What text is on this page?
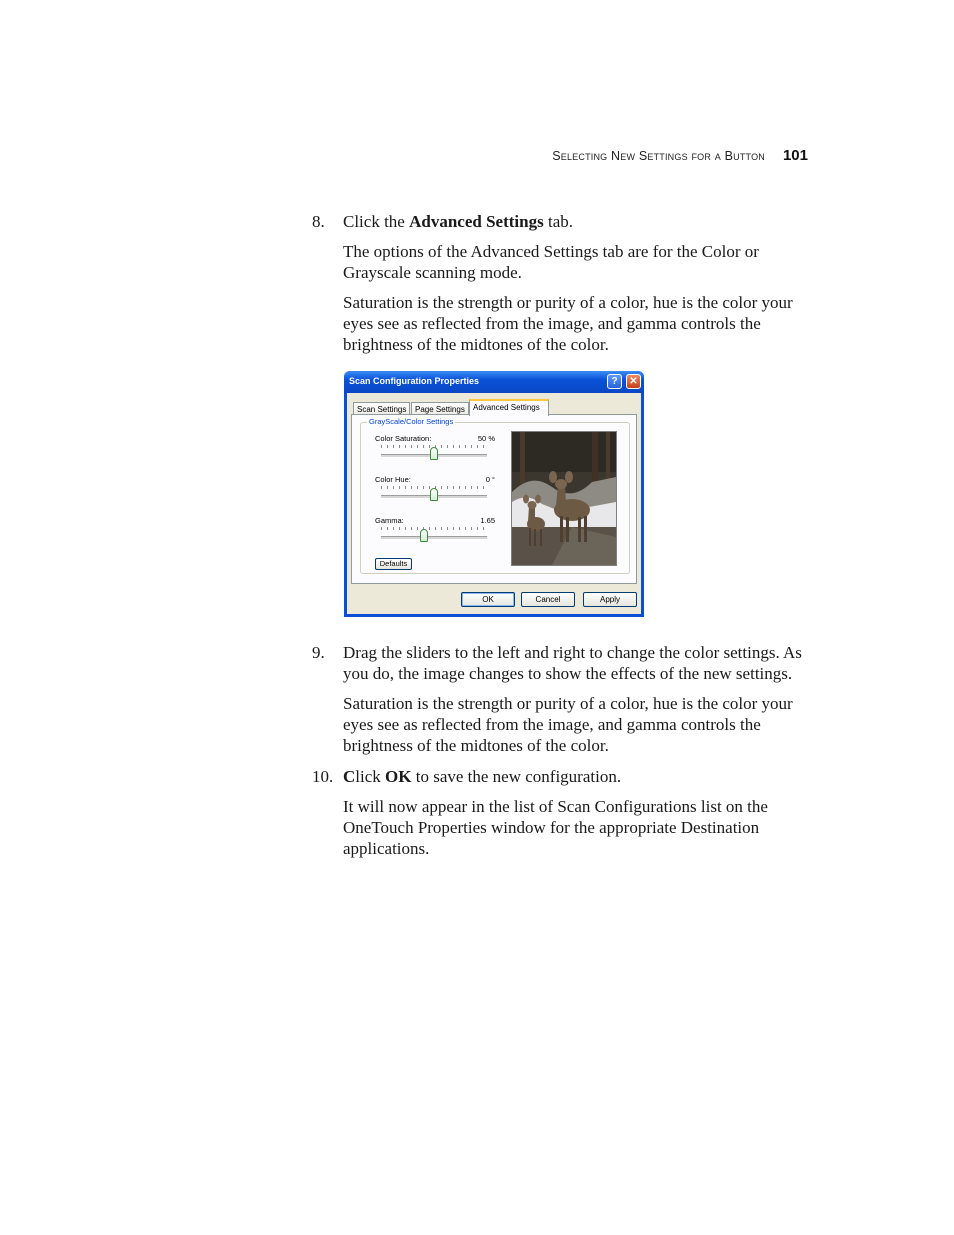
Selecting New Settings for a Button 101
8. Click the Advanced Settings tab.

The options of the Advanced Settings tab are for the Color or Grayscale scanning mode.

Saturation is the strength or purity of a color, hue is the color your eyes see as reflected from the image, and gamma controls the brightness of the midtones of the color.

Scan Configuration Properties	?	✕
Scan Settings	Page Settings	Advanced Settings
GrayScale/Color Settings
Color Saturation:	50 %
Color Hue:	0 °
Gamma:	1.65
Defaults
OK	Cancel	Apply
9. Drag the sliders to the left and right to change the color settings. As you do, the image changes to show the effects of the new settings.

Saturation is the strength or purity of a color, hue is the color your eyes see as reflected from the image, and gamma controls the brightness of the midtones of the color.

10. Click OK to save the new configuration.

It will now appear in the list of Scan Configurations list on the OneTouch Properties window for the appropriate Destination applications.
